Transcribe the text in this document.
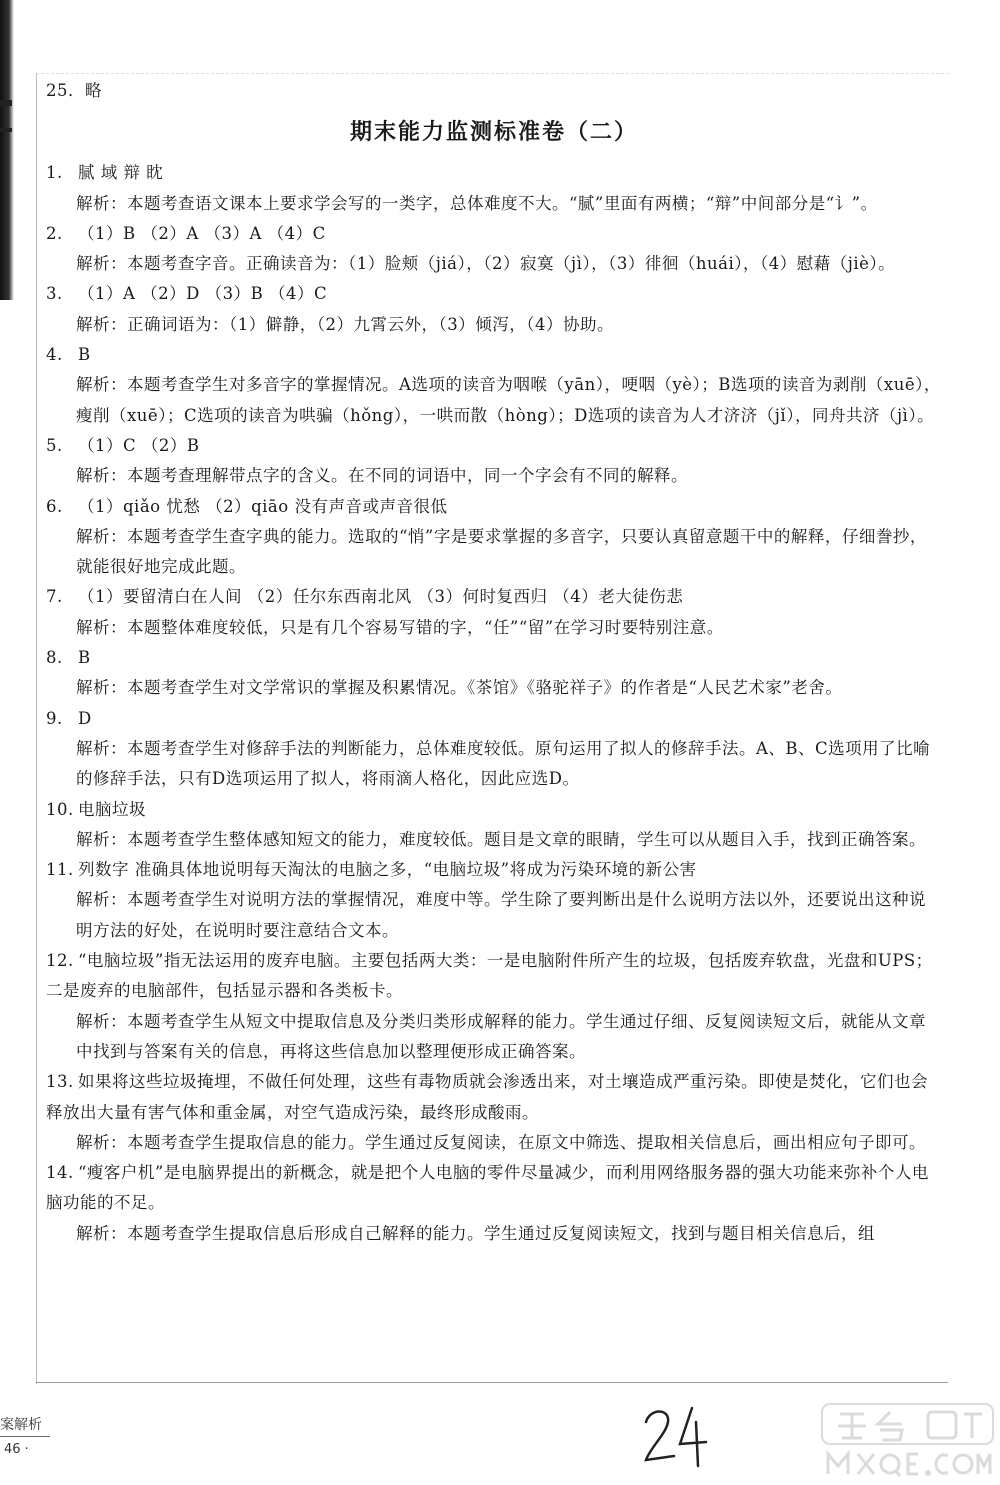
25．略
期末能力监测标准卷（二）
1. 腻 域 辩 眈
解析：本题考查语文课本上要求学会写的一类字，总体难度不大。“腻”里面有两横；“辩”中间部分是“讠”。
2. （1）B （2）A （3）A （4）C
解析：本题考查字音。正确读音为：（1）脸颊（jiá），（2）寂寞（jì），（3）徘徊（huái），（4）慰藉（jiè）。
3. （1）A （2）D （3）B （4）C
解析：正确词语为：（1）僻静，（2）九霄云外，（3）倾泻，（4）协助。
4. B
解析：本题考查学生对多音字的掌握情况。A选项的读音为咽喉（yān），哽咽（yè）；B选项的读音为剥削（xuē），瘦削（xuē）；C选项的读音为哄骗（hǒng），一哄而散（hòng）；D选项的读音为人才济济（jǐ），同舟共济（jì）。
5. （1）C （2）B
解析：本题考查理解带点字的含义。在不同的词语中，同一个字会有不同的解释。
6. （1）qiǎo 忧愁 （2）qiāo 没有声音或声音很低
解析：本题考查学生查字典的能力。选取的“悄”字是要求掌握的多音字，只要认真留意题干中的解释，仔细誊抄，就能很好地完成此题。
7. （1）要留清白在人间 （2）任尔东西南北风 （3）何时复西归 （4）老大徒伤悲
解析：本题整体难度较低，只是有几个容易写错的字，“任”“留”在学习时要特别注意。
8. B
解析：本题考查学生对文学常识的掌握及积累情况。《茶馆》《骆驼祥子》的作者是“人民艺术家”老舍。
9. D
解析：本题考查学生对修辞手法的判断能力，总体难度较低。原句运用了拟人的修辞手法。A、B、C选项用了比喻的修辞手法，只有D选项运用了拟人，将雨滴人格化，因此应选D。
10. 电脑垃圾
解析：本题考查学生整体感知短文的能力，难度较低。题目是文章的眼睛，学生可以从题目入手，找到正确答案。
11. 列数字 准确具体地说明每天淘汰的电脑之多，“电脑垃圾”将成为污染环境的新公害
解析：本题考查学生对说明方法的掌握情况，难度中等。学生除了要判断出是什么说明方法以外，还要说出这种说明方法的好处，在说明时要注意结合文本。
12. “电脑垃圾”指无法运用的废弃电脑。主要包括两大类：一是电脑附件所产生的垃圾，包括废弃软盘，光盘和UPS；二是废弃的电脑部件，包括显示器和各类板卡。
解析：本题考查学生从短文中提取信息及分类归类形成解释的能力。学生通过仔细、反复阅读短文后，就能从文章中找到与答案有关的信息，再将这些信息加以整理便形成正确答案。
13. 如果将这些垃圾掩埋，不做任何处理，这些有毒物质就会渗透出来，对土壤造成严重污染。即使是焚化，它们也会释放出大量有害气体和重金属，对空气造成污染，最终形成酸雨。
解析：本题考查学生提取信息的能力。学生通过反复阅读，在原文中筛选、提取相关信息后，画出相应句子即可。
14. “瘦客户机”是电脑界提出的新概念，就是把个人电脑的零件尽量减少，而利用网络服务器的强大功能来弥补个人电脑功能的不足。
解析：本题考查学生提取信息后形成自己解释的能力。学生通过反复阅读短文，找到与题目相关信息后，组
案解析
46 ·
